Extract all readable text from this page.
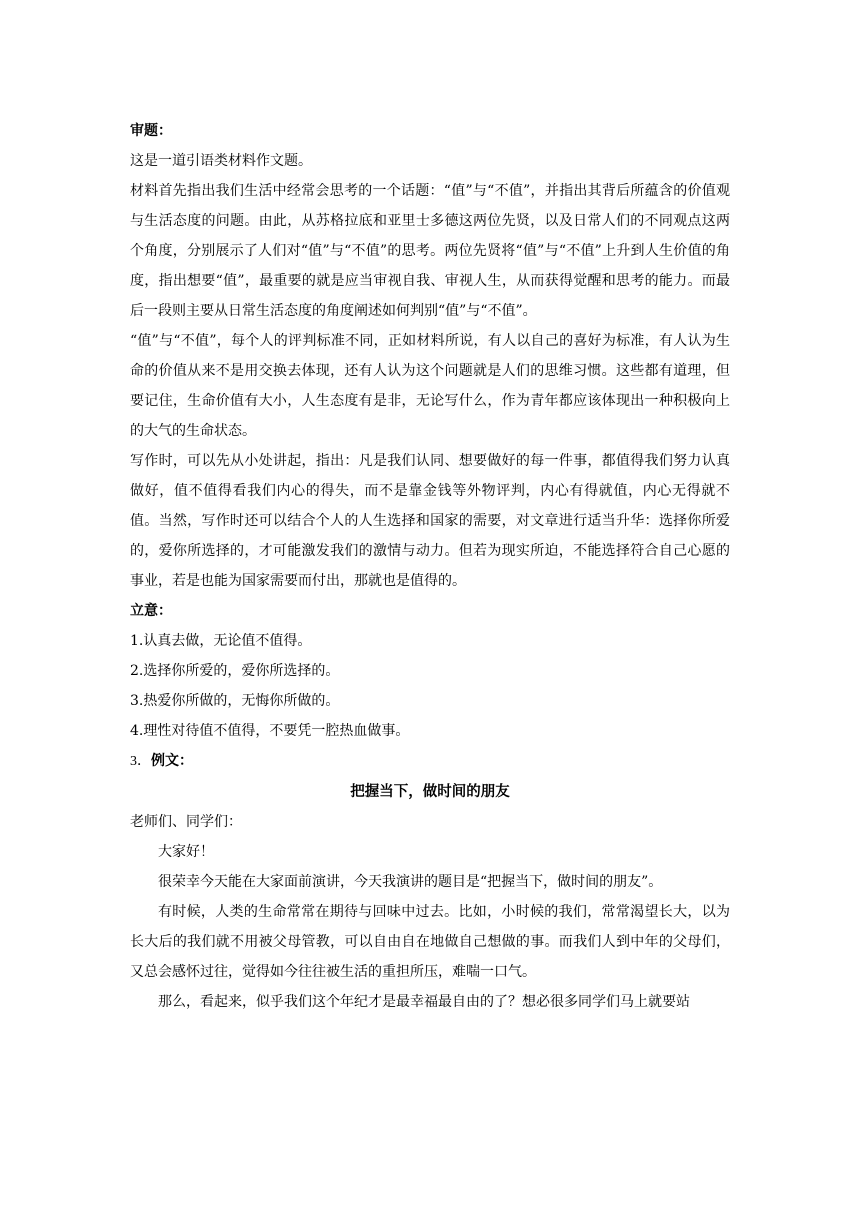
审题：

这是一道引语类材料作文题。

材料首先指出我们生活中经常会思考的一个话题：“值”与“不值”，并指出其背后所蕴含的价值观与生活态度的问题。由此，从苏格拉底和亚里士多德这两位先贤，以及日常人们的不同观点这两个角度，分别展示了人们对“值”与“不值”的思考。两位先贤将“值”与“不值”上升到人生价值的角度，指出想要“值”，最重要的就是应当审视自我、审视人生，从而获得觉醒和思考的能力。而最后一段则主要从日常生活态度的角度阐述如何判别“值”与“不值”。

“值”与“不值”，每个人的评判标准不同，正如材料所说，有人以自己的喜好为标准，有人认为生命的价值从来不是用交换去体现，还有人认为这个问题就是人们的思维习惯。这些都有道理，但要记住，生命价值有大小，人生态度有是非，无论写什么，作为青年都应该体现出一种积极向上的大气的生命状态。

写作时，可以先从小处讲起，指出：凡是我们认同、想要做好的每一件事，都值得我们努力认真做好，值不值得看我们内心的得失，而不是靠金钱等外物评判，内心有得就值，内心无得就不值。当然，写作时还可以结合个人的人生选择和国家的需要，对文章进行适当升华：选择你所爱的，爱你所选择的，才可能激发我们的激情与动力。但若为现实所迫，不能选择符合自己心愿的事业，若是也能为国家需要而付出，那就也是值得的。

立意：

1.认真去做，无论值不值得。

2.选择你所爱的，爱你所选择的。

3.热爱你所做的，无悔你所做的。

4.理性对待值不值得，不要凭一腔热血做事。

3．例文：

把握当下，做时间的朋友

老师们、同学们：

大家好！

很荣幸今天能在大家面前演讲，今天我演讲的题目是“把握当下，做时间的朋友”。

有时候，人类的生命常常在期待与回味中过去。比如，小时候的我们，常常渴望长大，以为长大后的我们就不用被父母管教，可以自由自在地做自己想做的事。而我们人到中年的父母们，又总会感怀过往，觉得如今往往被生活的重担所压，难喘一口气。

那么，看起来，似乎我们这个年纪才是最幸福最自由的了？想必很多同学们马上就要站
